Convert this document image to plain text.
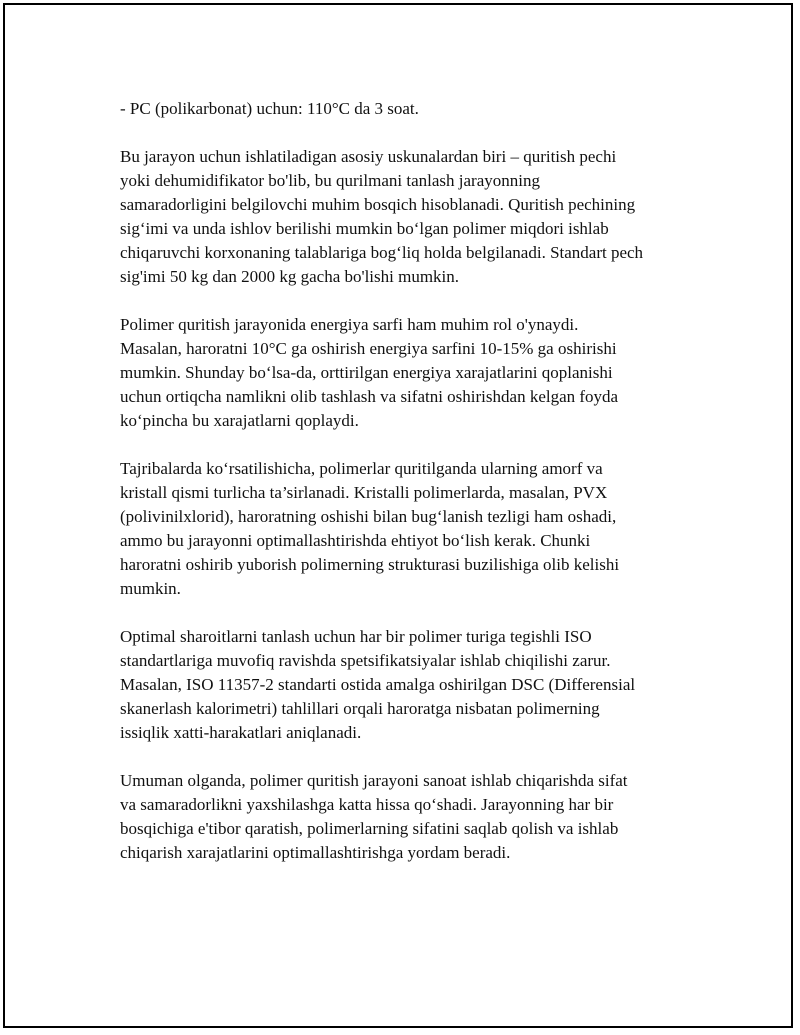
- PC (polikarbonat) uchun: 110°C da 3 soat.

Bu jarayon uchun ishlatiladigan asosiy uskunalardan biri – quritish pechi
yoki dehumidifikator bo'lib, bu qurilmani tanlash jarayonning
samaradorligini belgilovchi muhim bosqich hisoblanadi. Quritish pechining
sig‘imi va unda ishlov berilishi mumkin bo‘lgan polimer miqdori ishlab
chiqaruvchi korxonaning talablariga bog‘liq holda belgilanadi. Standart pech
sig'imi 50 kg dan 2000 kg gacha bo'lishi mumkin.

Polimer quritish jarayonida energiya sarfi ham muhim rol o'ynaydi.
Masalan, haroratni 10°C ga oshirish energiya sarfini 10-15% ga oshirishi
mumkin. Shunday bo‘lsa-da, orttirilgan energiya xarajatlarini qoplanishi
uchun ortiqcha namlikni olib tashlash va sifatni oshirishdan kelgan foyda
ko‘pincha bu xarajatlarni qoplaydi.

Tajribalarda ko‘rsatilishicha, polimerlar quritilganda ularning amorf va
kristall qismi turlicha ta’sirlanadi. Kristalli polimerlarda, masalan, PVX
(polivinilxlorid), haroratning oshishi bilan bug‘lanish tezligi ham oshadi,
ammo bu jarayonni optimallashtirishda ehtiyot bo‘lish kerak. Chunki
haroratni oshirib yuborish polimerning strukturasi buzilishiga olib kelishi
mumkin.

Optimal sharoitlarni tanlash uchun har bir polimer turiga tegishli ISO
standartlariga muvofiq ravishda spetsifikatsiyalar ishlab chiqilishi zarur.
Masalan, ISO 11357-2 standarti ostida amalga oshirilgan DSC (Differensial
skanerlash kalorimetri) tahlillari orqali haroratga nisbatan polimerning
issiqlik xatti-harakatlari aniqlanadi.

Umuman olganda, polimer quritish jarayoni sanoat ishlab chiqarishda sifat
va samaradorlikni yaxshilashga katta hissa qo‘shadi. Jarayonning har bir
bosqichiga e'tibor qaratish, polimerlarning sifatini saqlab qolish va ishlab
chiqarish xarajatlarini optimallashtirishga yordam beradi.
